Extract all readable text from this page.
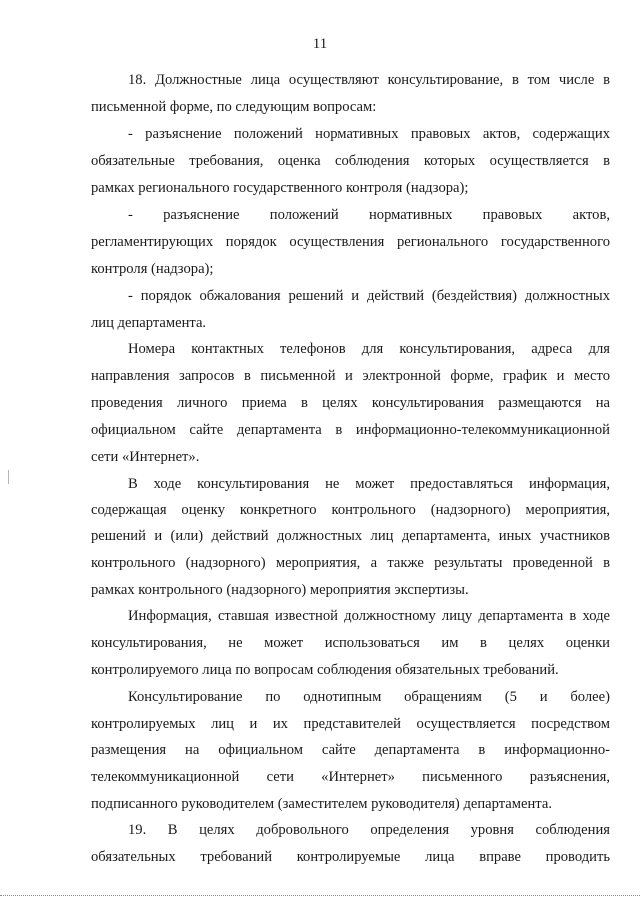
11
18. Должностные лица осуществляют консультирование, в том числе в
письменной форме, по следующим вопросам:
- разъяснение положений нормативных правовых актов, содержащих
обязательные требования, оценка соблюдения которых осуществляется в
рамках регионального государственного контроля (надзора);
- разъяснение положений нормативных правовых актов,
регламентирующих порядок осуществления регионального государственного
контроля (надзора);
- порядок обжалования решений и действий (бездействия) должностных
лиц департамента.
Номера контактных телефонов для консультирования, адреса для
направления запросов в письменной и электронной форме, график и место
проведения личного приема в целях консультирования размещаются на
официальном сайте департамента в информационно-телекоммуникационной
сети «Интернет».
В ходе консультирования не может предоставляться информация,
содержащая оценку конкретного контрольного (надзорного) мероприятия,
решений и (или) действий должностных лиц департамента, иных участников
контрольного (надзорного) мероприятия, а также результаты проведенной в
рамках контрольного (надзорного) мероприятия экспертизы.
Информация, ставшая известной должностному лицу департамента в ходе
консультирования, не может использоваться им в целях оценки
контролируемого лица по вопросам соблюдения обязательных требований.
Консультирование по однотипным обращениям (5 и более)
контролируемых лиц и их представителей осуществляется посредством
размещения на официальном сайте департамента в информационно-
телекоммуникационной сети «Интернет» письменного разъяснения,
подписанного руководителем (заместителем руководителя) департамента.
19. В целях добровольного определения уровня соблюдения
обязательных требований контролируемые лица вправе проводить
